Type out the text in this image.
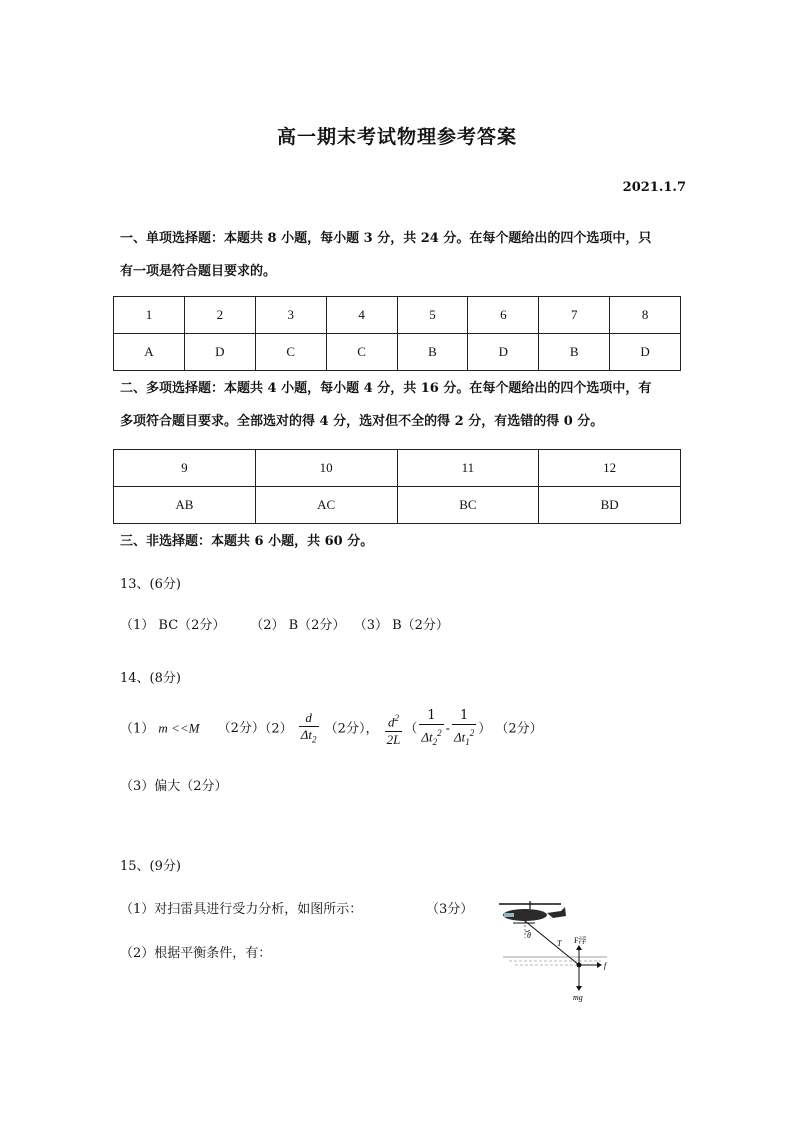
高一期末考试物理参考答案
2021.1.7
一、单项选择题：本题共 8 小题，每小题 3 分，共 24 分。在每个题给出的四个选项中，只
有一项是符合题目要求的。
1	2	3	4	5	6	7	8
A	D	C	C	B	D	B	D
二、多项选择题：本题共 4 小题，每小题 4 分，共 16 分。在每个题给出的四个选项中，有
多项符合题目要求。全部选对的得 4 分，选对但不全的得 2 分，有选错的得 0 分。
9	10	11	12
AB	AC	BC	BD
三、非选择题：本题共 6 小题，共 60 分。
13、(6分)
（1） BC（2分）      （2） B（2分）  （3） B（2分）
14、(8分)
（1） m <<M （2分）$(2) \frac{d}{\Delta t_2} (2$分）， $\frac{d^2}{2L}$ （ $\frac{1}{\Delta t_2^2} - \frac{1}{\Delta t_1^2}$ ） （2分）
（3）偏大（2分）
15、(9分)
（1）对扫雷具进行受力分析，如图所示：	（3分）
（2）根据平衡条件，有：
θ
T F浮
f
mg
